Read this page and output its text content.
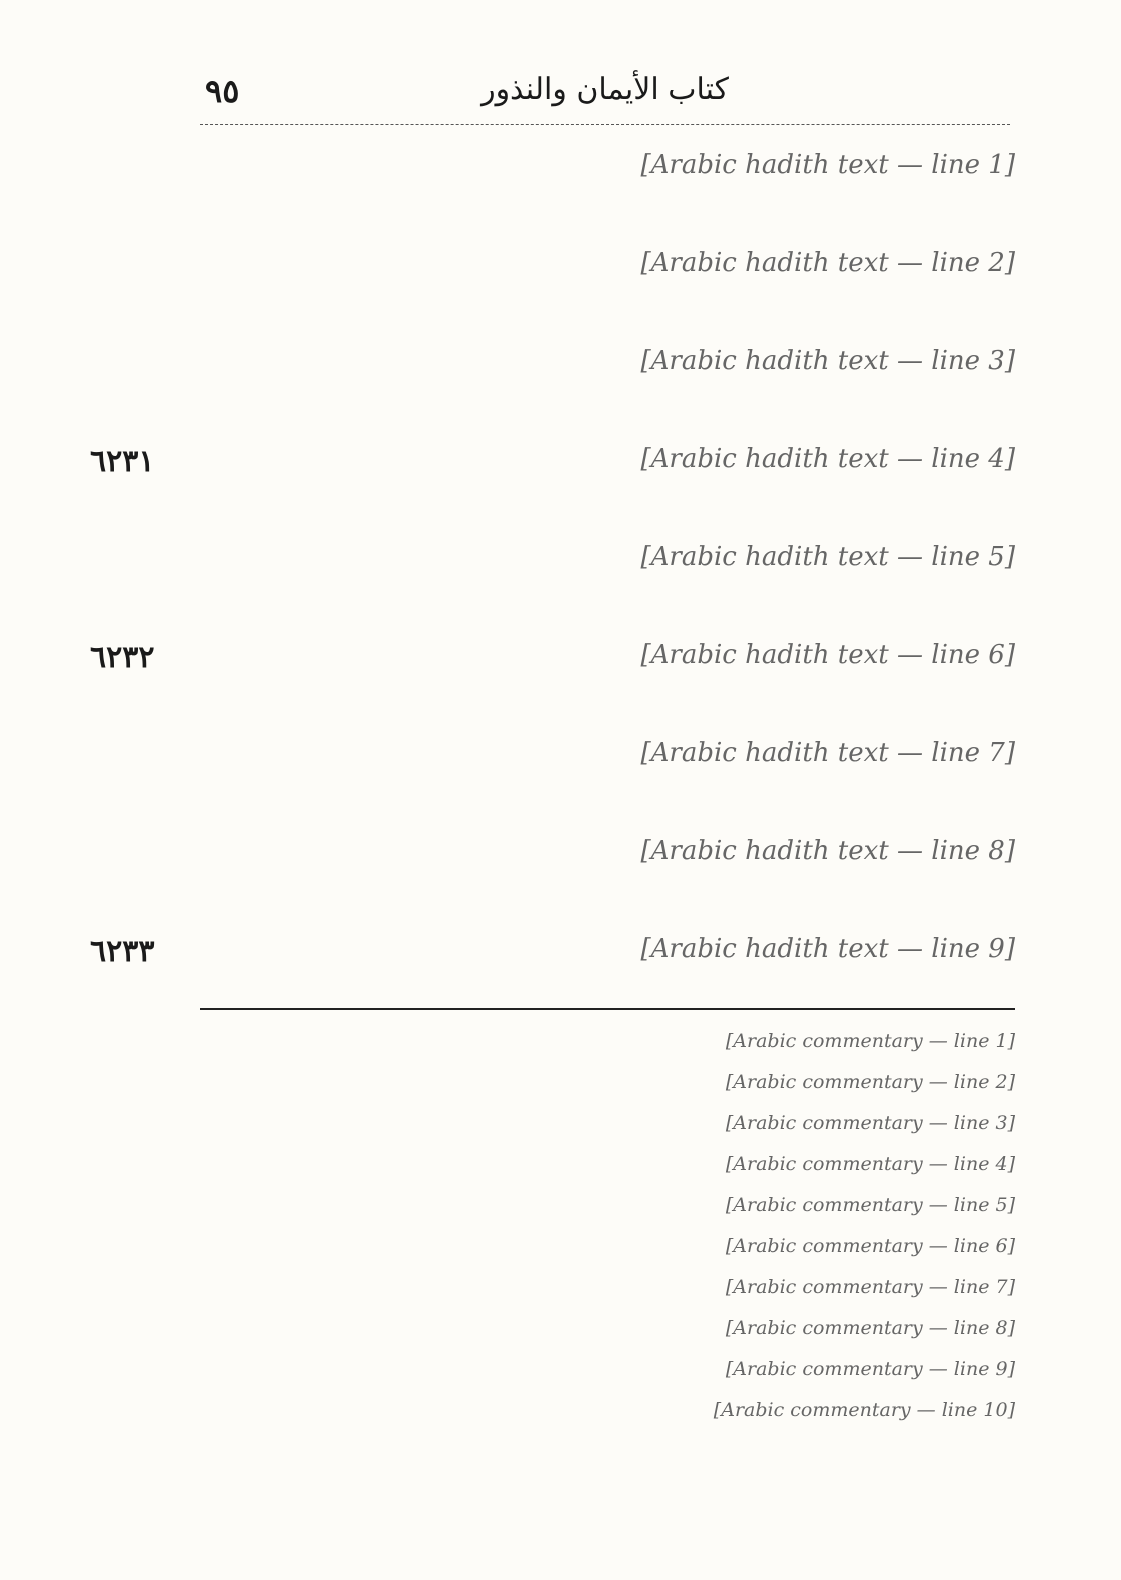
كتاب الأيمان والنذور
٩٥
[Arabic hadith text — line 1]
[Arabic hadith text — line 2]
[Arabic hadith text — line 3]
[Arabic hadith text — line 4]
٦٢٣١
[Arabic hadith text — line 5]
[Arabic hadith text — line 6]
٦٢٣٢
[Arabic hadith text — line 7]
[Arabic hadith text — line 8]
[Arabic hadith text — line 9]
٦٢٣٣
[Arabic commentary — line 1]
[Arabic commentary — line 2]
[Arabic commentary — line 3]
[Arabic commentary — line 4]
[Arabic commentary — line 5]
[Arabic commentary — line 6]
[Arabic commentary — line 7]
[Arabic commentary — line 8]
[Arabic commentary — line 9]
[Arabic commentary — line 10]
